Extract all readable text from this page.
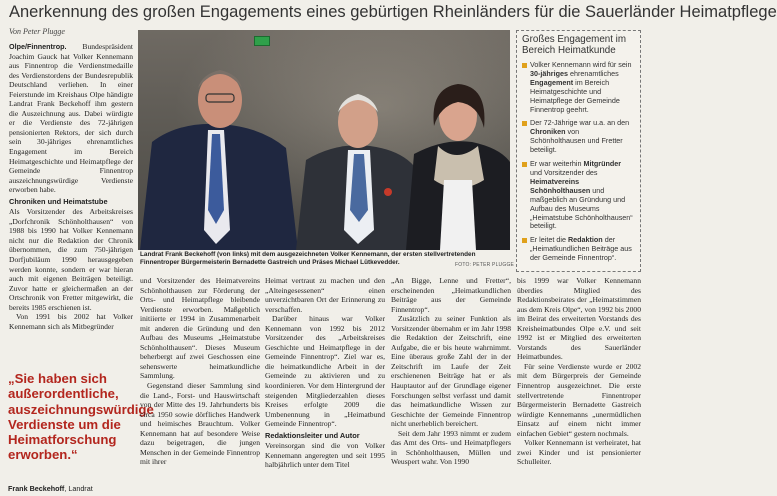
Anerkennung des großen Engagements eines gebürtigen Rheinländers für die Sauerländer Heimatpflege
Von Peter Plugge

Olpe/Finnentrop. Bundespräsident Joachim Gauck hat Volker Kennemann aus Finnentrop die Verdienstmedaille des Verdienstordens der Bundesrepublik Deutschland verliehen. In einer Feierstunde im Kreishaus Olpe händigte Landrat Frank Beckehoff ihm gestern die Auszeichnung aus. Dabei würdigte er die Verdienste des 72-jährigen pensionierten Rektors, der sich durch sein 30-jähriges ehrenamtliches Engagement im Bereich Heimatgeschichte und Heimatpflege der Gemeinde Finnentrop auszeichnungswürdige Verdienste erworben habe.

Chroniken und Heimatstube

Als Vorsitzender des Arbeitskreises „Dorfchronik Schönholthausen“ von 1988 bis 1990 hat Volker Kennemann nicht nur die Redaktion der Chronik übernommen, die zum 750-jährigen Dorfjubiläum 1990 herausgegeben werden konnte, sondern er war hieran auch mit eigenen Beiträgen beteiligt. Zuvor hatte er gleichermaßen an der Ortschronik von Fretter mitgewirkt, die bereits 1985 erschienen ist.

Von 1991 bis 2002 hat Volker Kennemann sich als Mitbegründer

„Sie haben sich außerordentliche, auszeichnungswürdige Verdienste um die Heimatforschung erworben.“
Frank Beckehoff, Landrat
Landrat Frank Beckehoff (von links) mit dem ausgezeichneten Volker Kennemann, der ersten stellvertretenden Finnentroper Bürgermeisterin Bernadette Gastreich und Präses Michael Lütkevedder.	FOTO: PETER PLUGGE

und Vorsitzender des Heimatvereins Schönholthausen zur Förderung der Orts- und Heimatpflege bleibende Verdienste erworben. Maßgeblich initiierte er 1994 in Zusammenarbeit mit anderen die Gründung und den Aufbau des Museums „Heimatstube Schönholthausen“. Dieses Museum beherbergt auf zwei Geschossen eine sehenswerte heimatkundliche Sammlung.

Gegenstand dieser Sammlung sind die Land-, Forst- und Hauswirtschaft von der Mitte des 19. Jahrhunderts bis circa 1950 sowie dörfliches Handwerk und heimisches Brauchtum. Volker Kennemann hat auf besondere Weise dazu beigetragen, die jungen Menschen in der Gemeinde Finnentrop mit ihrer

Heimat vertraut zu machen und den „Alteingesessenen“ einen unverzichtbaren Ort der Erinnerung zu verschaffen.

Darüber hinaus war Volker Kennemann von 1992 bis 2012 Vorsitzender des „Arbeitskreises Geschichte und Heimatpflege in der Gemeinde Finnentrop“. Ziel war es, die heimatkundliche Arbeit in der Gemeinde zu aktivieren und zu koordinieren. Vor dem Hintergrund der steigenden Mitgliederzahlen dieses Kreises erfolgte 2009 die Umbenennung in „Heimatbund Gemeinde Finnentrop“.

Redaktionsleiter und Autor

Vereinsorgan sind die von Volker Kennemann angeregten und seit 1995 halbjährlich unter dem Titel

„An Bigge, Lenne und Fretter“, erscheinenden „Heimatkundlichen Beiträge aus der Gemeinde Finnentrop“.

Zusätzlich zu seiner Funktion als Vorsitzender übernahm er im Jahr 1998 die Redaktion der Zeitschrift, eine Aufgabe, die er bis heute wahrnimmt. Eine überaus große Zahl der in der Zeitschrift im Laufe der Zeit erschienenen Beiträge hat er als Hauptautor auf der Grundlage eigener Forschungen selbst verfasst und damit das heimatkundliche Wissen zur Geschichte der Gemeinde Finnentrop nicht unerheblich bereichert.

Seit dem Jahr 1993 nimmt er zudem das Amt des Orts- und Heimatpflegers in Schönholthausen, Müllen und Weuspert wahr. Von 1990

Großes Engagement im Bereich Heimatkunde
Volker Kennemann wird für sein 30-jähriges ehrenamtliches Engagement im Bereich Heimatgeschichte und Heimatpflege der Gemeinde Finnentrop geehrt.
Der 72-Jährige war u.a. an den Chroniken von Schönholthausen und Fretter beteiligt.
Er war weiterhin Mitgründer und Vorsitzender des Heimatvereins Schönholthausen und maßgeblich an Gründung und Aufbau des Museums „Heimatstube Schönholthausen“ beteiligt.
Er leitet die Redaktion der „Heimatkundlichen Beiträge aus der Gemeinde Finnentrop“.

bis 1999 war Volker Kennemann überdies Mitglied des Redaktionsbeirates der „Heimatstimmen aus dem Kreis Olpe“, von 1992 bis 2000 im Beirat des erweiterten Vorstands des Kreisheimatbundes Olpe e.V. und seit 1992 ist er Mitglied des erweiterten Vorstands des Sauerländer Heimatbundes.

Für seine Verdienste wurde er 2002 mit dem Bürgerpreis der Gemeinde Finnentrop ausgezeichnet. Die erste stellvertretende Finnentroper Bürgermeisterin Bernadette Gastreich würdigte Kennemanns „unermüdlichen Einsatz auf einem nicht immer einfachen Gebiet“ gestern nochmals.

Volker Kennemann ist verheiratet, hat zwei Kinder und ist pensionierter Schulleiter.
